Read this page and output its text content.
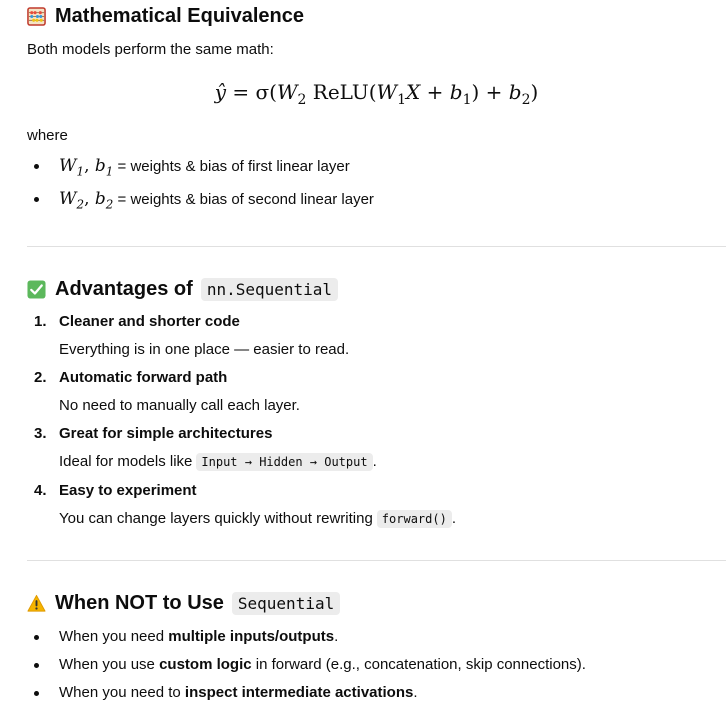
Mathematical Equivalence

Both models perform the same math:

ŷ = $\sigma(W_2$ $ReLU(W_1X + b_1) + b_2$)

where

$W_1$, $b_1$ = weights & bias of first linear layer
$W_2$, $b_2$ = weights & bias of second linear layer
Advantages of nn.Sequential
1. Cleaner and shorter code
Everything is in one place — easier to read.
2. Automatic forward path
No need to manually call each layer.
3. Great for simple architectures

Ideal for models like Input → Hidden → Output .

4. Easy to experiment

You can change layers quickly without rewriting forward() .

When NOT to Use Sequential
When you need multiple inputs/outputs.
When you use custom logic in forward (e.g., concatenation, skip connections).
When you need to inspect intermediate activations.
